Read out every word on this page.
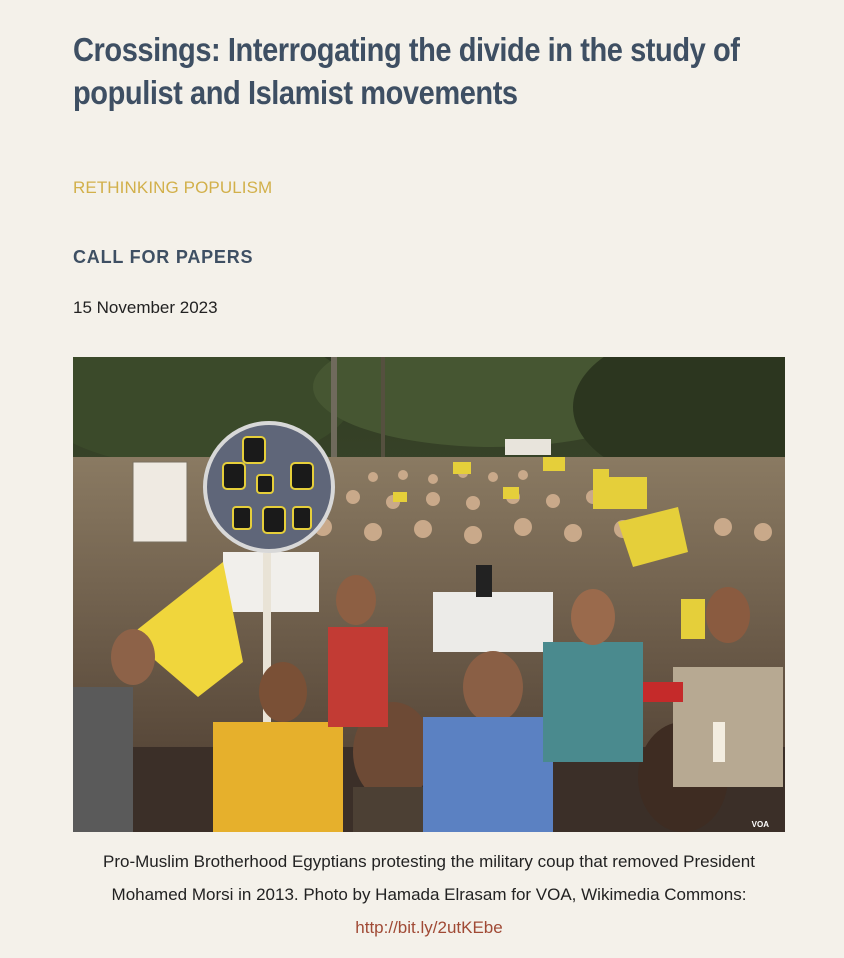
Crossings: Interrogating the divide in the study of populist and Islamist movements
RETHINKING POPULISM
CALL FOR PAPERS
15 November 2023
VOA
Pro-Muslim Brotherhood Egyptians protesting the military coup that removed President Mohamed Morsi in 2013. Photo by Hamada Elrasam for VOA, Wikimedia Commons:
http://bit.ly/2utKEbe
